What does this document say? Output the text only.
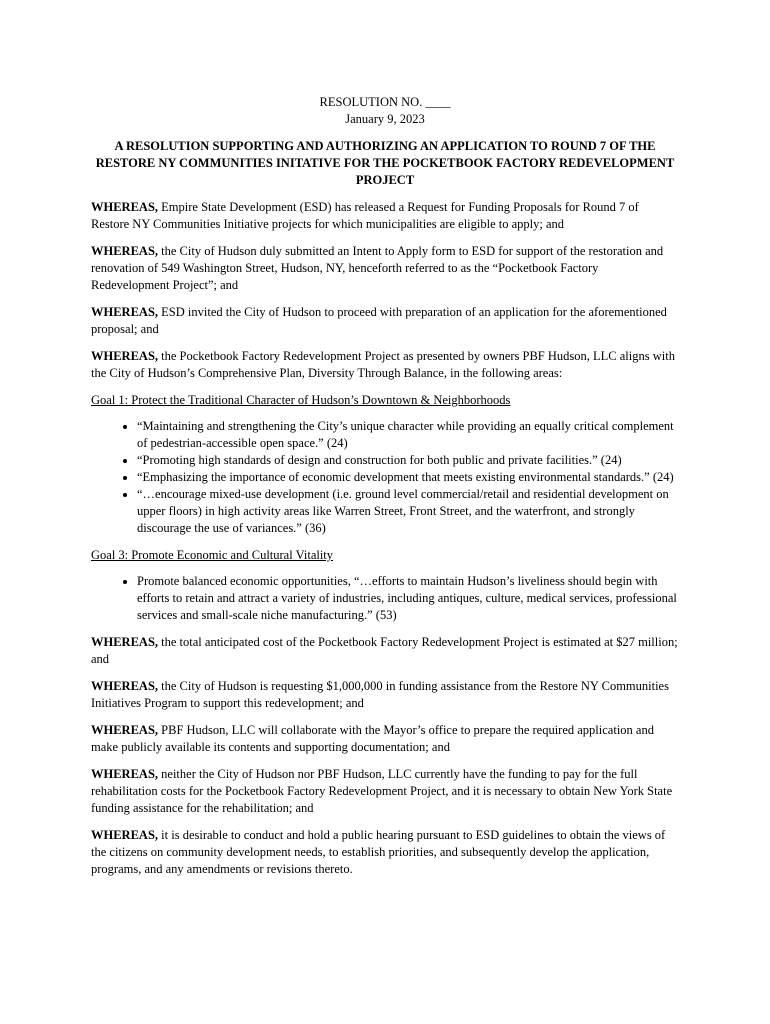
RESOLUTION NO. ____
January 9, 2023
A RESOLUTION SUPPORTING AND AUTHORIZING AN APPLICATION TO ROUND 7 OF THE RESTORE NY COMMUNITIES INITATIVE FOR THE POCKETBOOK FACTORY REDEVELOPMENT PROJECT
WHEREAS, Empire State Development (ESD) has released a Request for Funding Proposals for Round 7 of Restore NY Communities Initiative projects for which municipalities are eligible to apply; and
WHEREAS, the City of Hudson duly submitted an Intent to Apply form to ESD for support of the restoration and renovation of 549 Washington Street, Hudson, NY, henceforth referred to as the “Pocketbook Factory Redevelopment Project”; and
WHEREAS, ESD invited the City of Hudson to proceed with preparation of an application for the aforementioned proposal; and
WHEREAS, the Pocketbook Factory Redevelopment Project as presented by owners PBF Hudson, LLC aligns with the City of Hudson’s Comprehensive Plan, Diversity Through Balance, in the following areas:
Goal 1: Protect the Traditional Character of Hudson’s Downtown & Neighborhoods
• “Maintaining and strengthening the City’s unique character while providing an equally critical complement of pedestrian-accessible open space.” (24)
• “Promoting high standards of design and construction for both public and private facilities.” (24)
• “Emphasizing the importance of economic development that meets existing environmental standards.” (24)
• “…encourage mixed-use development (i.e. ground level commercial/retail and residential development on upper floors) in high activity areas like Warren Street, Front Street, and the waterfront, and strongly discourage the use of variances.” (36)
Goal 3: Promote Economic and Cultural Vitality
• Promote balanced economic opportunities, “…efforts to maintain Hudson’s liveliness should begin with efforts to retain and attract a variety of industries, including antiques, culture, medical services, professional services and small-scale niche manufacturing.” (53)
WHEREAS, the total anticipated cost of the Pocketbook Factory Redevelopment Project is estimated at $27 million; and
WHEREAS, the City of Hudson is requesting $1,000,000 in funding assistance from the Restore NY Communities Initiatives Program to support this redevelopment; and
WHEREAS, PBF Hudson, LLC will collaborate with the Mayor’s office to prepare the required application and make publicly available its contents and supporting documentation; and
WHEREAS, neither the City of Hudson nor PBF Hudson, LLC currently have the funding to pay for the full rehabilitation costs for the Pocketbook Factory Redevelopment Project, and it is necessary to obtain New York State funding assistance for the rehabilitation; and
WHEREAS, it is desirable to conduct and hold a public hearing pursuant to ESD guidelines to obtain the views of the citizens on community development needs, to establish priorities, and subsequently develop the application, programs, and any amendments or revisions thereto.
